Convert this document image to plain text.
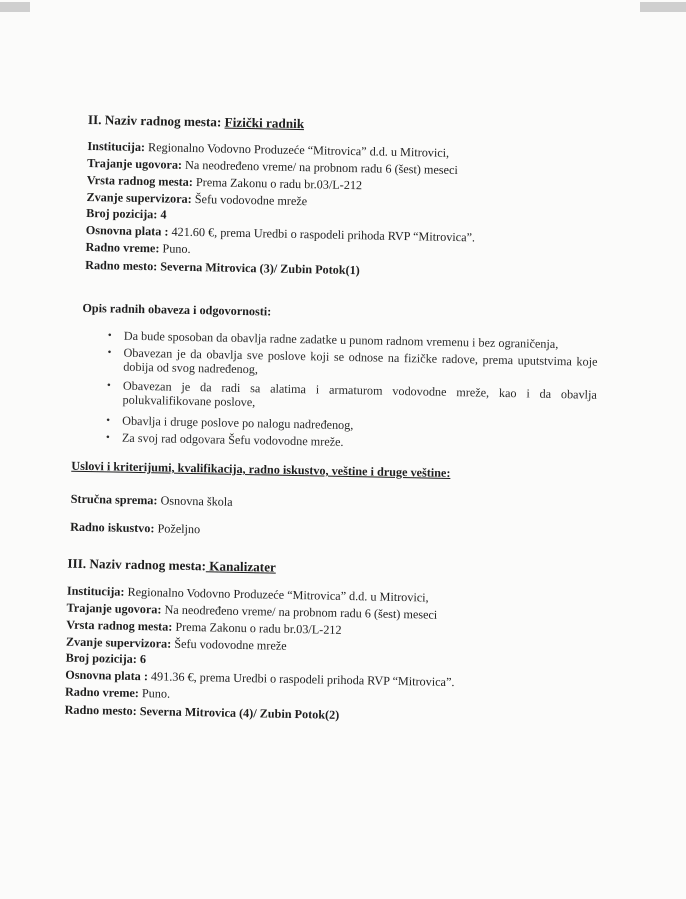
II. Naziv radnog mesta: Fizički radnik
Institucija: Regionalno Vodovno Produzeće “Mitrovica” d.d. u Mitrovici,
Trajanje ugovora: Na neodređeno vreme/ na probnom radu 6 (šest) meseci
Vrsta radnog mesta: Prema Zakonu o radu br.03/L-212
Zvanje supervizora: Šefu vodovodne mreže
Broj pozicija: 4
Osnovna plata : 421.60 €, prema Uredbi o raspodeli prihoda RVP “Mitrovica”.
Radno vreme: Puno.
Radno mesto: Severna Mitrovica (3)/ Zubin Potok(1)
Opis radnih obaveza i odgovornosti:
• Da bude sposoban da obavlja radne zadatke u punom radnom vremenu i bez ograničenja,
• Obavezan je da obavlja sve poslove koji se odnose na fizičke radove, prema uputstvima koje dobija od svog nadređenog,
• Obavezan je da radi sa alatima i armaturom vodovodne mreže, kao i da obavlja polukvalifikovane poslove,
• Obavlja i druge poslove po nalogu nadređenog,
• Za svoj rad odgovara Šefu vodovodne mreže.
Uslovi i kriterijumi, kvalifikacija, radno iskustvo, veštine i druge veštine:
Stručna sprema: Osnovna škola
Radno iskustvo: Poželjno
III. Naziv radnog mesta: Kanalizater
Institucija: Regionalno Vodovno Produzeće “Mitrovica” d.d. u Mitrovici,
Trajanje ugovora: Na neodređeno vreme/ na probnom radu 6 (šest) meseci
Vrsta radnog mesta: Prema Zakonu o radu br.03/L-212
Zvanje supervizora: Šefu vodovodne mreže
Broj pozicija: 6
Osnovna plata : 491.36 €, prema Uredbi o raspodeli prihoda RVP “Mitrovica”.
Radno vreme: Puno.
Radno mesto: Severna Mitrovica (4)/ Zubin Potok(2)
